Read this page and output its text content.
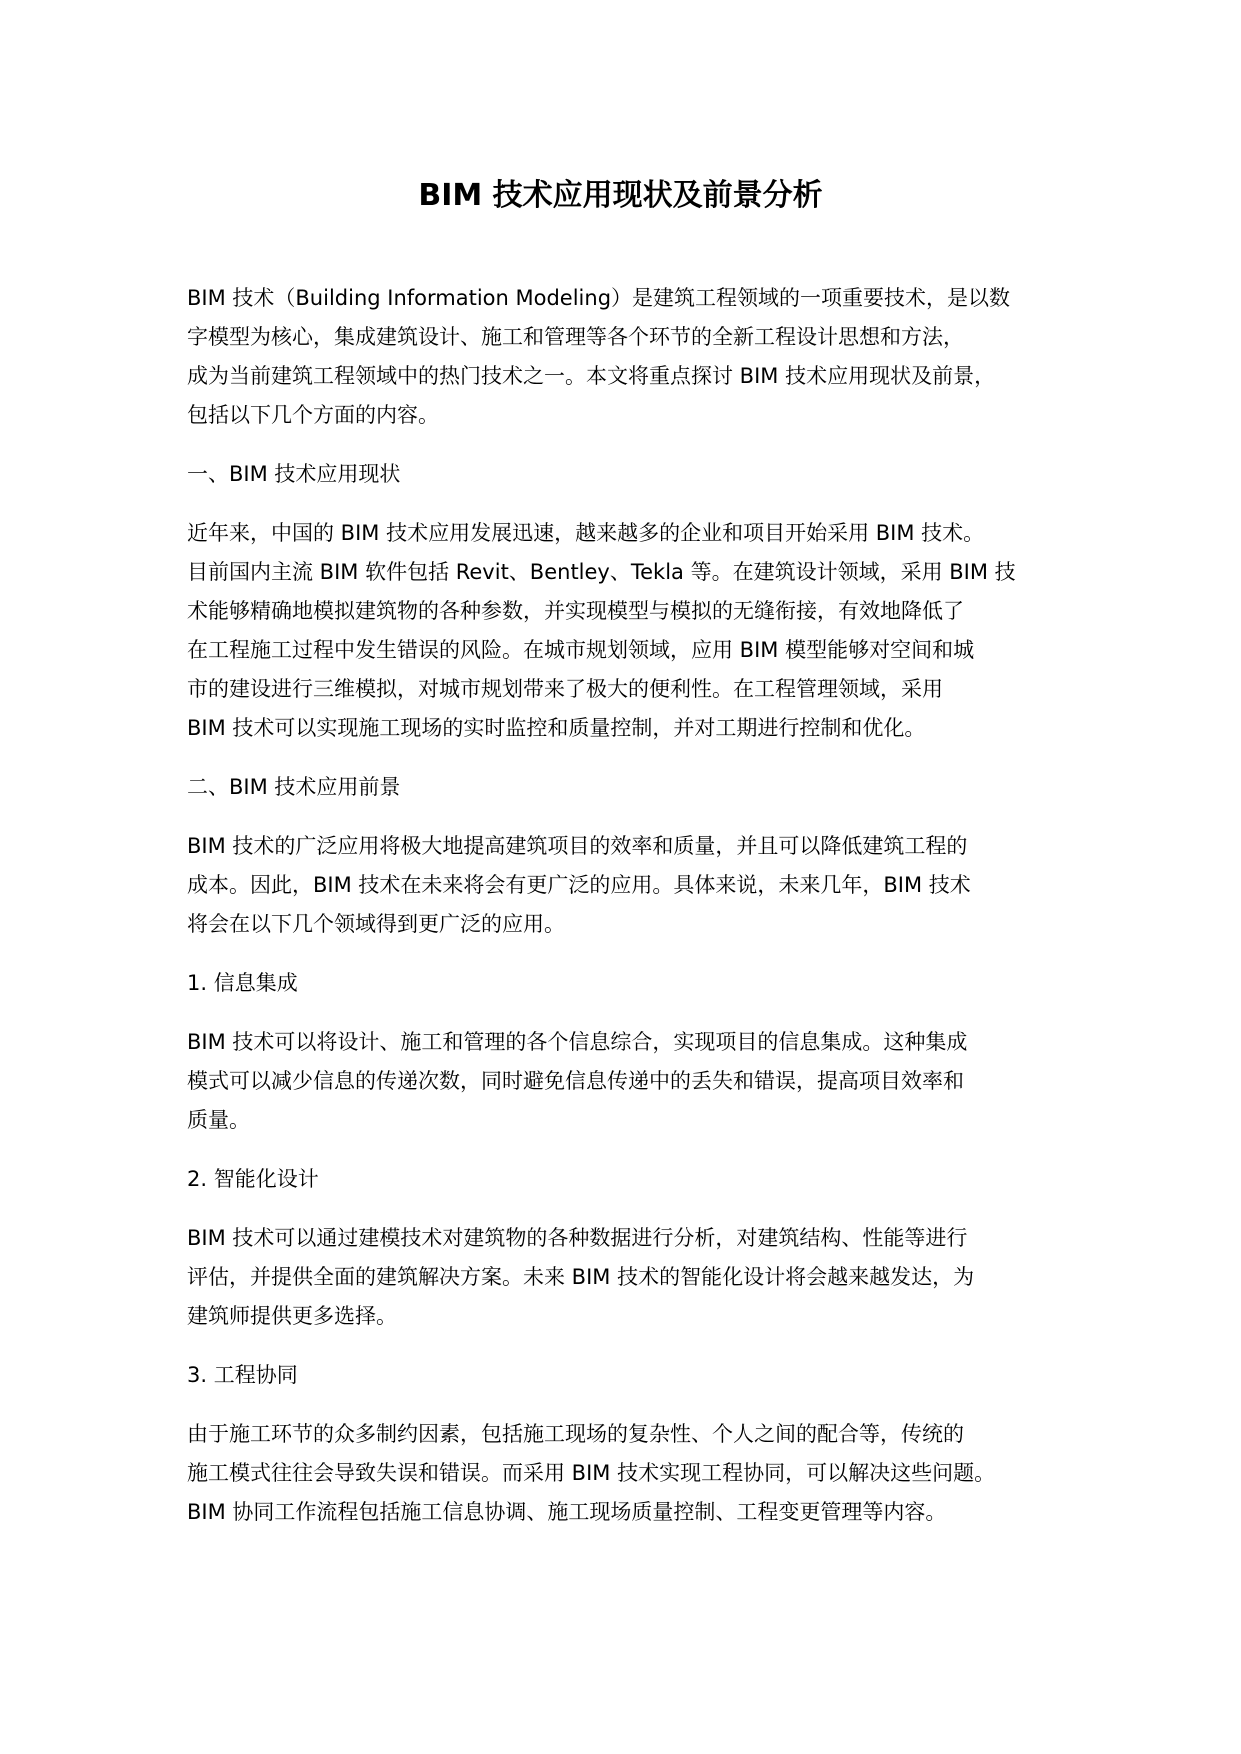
BIM 技术应用现状及前景分析

BIM 技术（Building Information Modeling）是建筑工程领域的一项重要技术，是以数

字模型为核心，集成建筑设计、施工和管理等各个环节的全新工程设计思想和方法，

成为当前建筑工程领域中的热门技术之一。本文将重点探讨 BIM 技术应用现状及前景，

包括以下几个方面的内容。

一、BIM 技术应用现状

近年来，中国的 BIM 技术应用发展迅速，越来越多的企业和项目开始采用 BIM 技术。

目前国内主流 BIM 软件包括 Revit、Bentley、Tekla 等。在建筑设计领域，采用 BIM 技

术能够精确地模拟建筑物的各种参数，并实现模型与模拟的无缝衔接，有效地降低了

在工程施工过程中发生错误的风险。在城市规划领域，应用 BIM 模型能够对空间和城

市的建设进行三维模拟，对城市规划带来了极大的便利性。在工程管理领域，采用

BIM 技术可以实现施工现场的实时监控和质量控制，并对工期进行控制和优化。

二、BIM 技术应用前景

BIM 技术的广泛应用将极大地提高建筑项目的效率和质量，并且可以降低建筑工程的

成本。因此，BIM 技术在未来将会有更广泛的应用。具体来说，未来几年，BIM 技术

将会在以下几个领域得到更广泛的应用。

1. 信息集成

BIM 技术可以将设计、施工和管理的各个信息综合，实现项目的信息集成。这种集成

模式可以减少信息的传递次数，同时避免信息传递中的丢失和错误，提高项目效率和

质量。

2. 智能化设计

BIM 技术可以通过建模技术对建筑物的各种数据进行分析，对建筑结构、性能等进行

评估，并提供全面的建筑解决方案。未来 BIM 技术的智能化设计将会越来越发达，为

建筑师提供更多选择。

3. 工程协同

由于施工环节的众多制约因素，包括施工现场的复杂性、个人之间的配合等，传统的

施工模式往往会导致失误和错误。而采用 BIM 技术实现工程协同，可以解决这些问题。

BIM 协同工作流程包括施工信息协调、施工现场质量控制、工程变更管理等内容。
